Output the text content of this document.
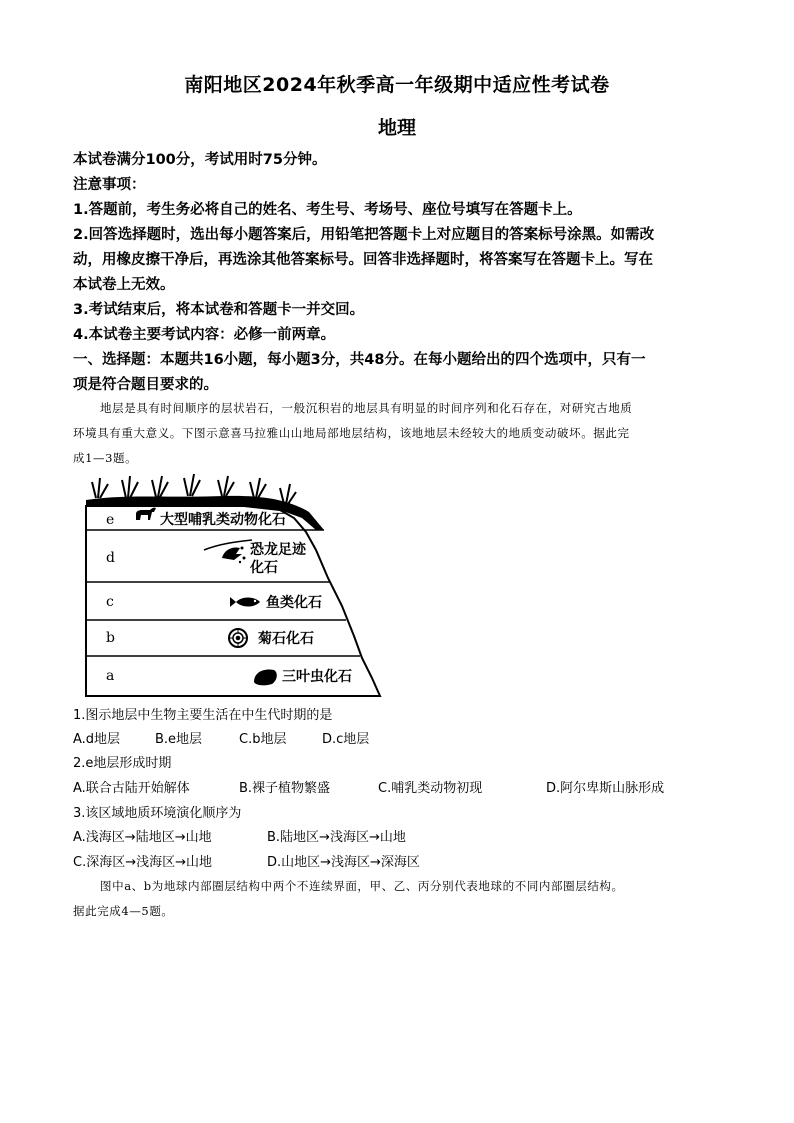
南阳地区2024年秋季高一年级期中适应性考试卷
地理
本试卷满分100分，考试用时75分钟。
注意事项：
1.答题前，考生务必将自己的姓名、考生号、考场号、座位号填写在答题卡上。
2.回答选择题时，选出每小题答案后，用铅笔把答题卡上对应题目的答案标号涂黑。如需改
动，用橡皮擦干净后，再选涂其他答案标号。回答非选择题时，将答案写在答题卡上。写在
本试卷上无效。
3.考试结束后，将本试卷和答题卡一并交回。
4.本试卷主要考试内容：必修一前两章。
一、选择题：本题共16小题，每小题3分，共48分。在每小题给出的四个选项中，只有一
项是符合题目要求的。
地层是具有时间顺序的层状岩石，一般沉积岩的地层具有明显的时间序列和化石存在，对研究古地质
环境具有重大意义。下图示意喜马拉雅山山地局部地层结构，该地地层未经较大的地质变动破坏。据此完
成1—3题。
e
d
c
b
a
大型哺乳类动物化石
恐龙足迹
化石
鱼类化石
菊石化石
三叶虫化石
1.图示地层中生物主要生活在中生代时期的是
A.d地层	B.e地层	C.b地层	D.c地层
2.e地层形成时期
A.联合古陆开始解体	B.裸子植物繁盛	C.哺乳类动物初现	D.阿尔卑斯山脉形成
3.该区域地质环境演化顺序为
A.浅海区→陆地区→山地	B.陆地区→浅海区→山地
C.深海区→浅海区→山地	D.山地区→浅海区→深海区
图中a、b为地球内部圈层结构中两个不连续界面，甲、乙、丙分别代表地球的不同内部圈层结构。
据此完成4—5题。
